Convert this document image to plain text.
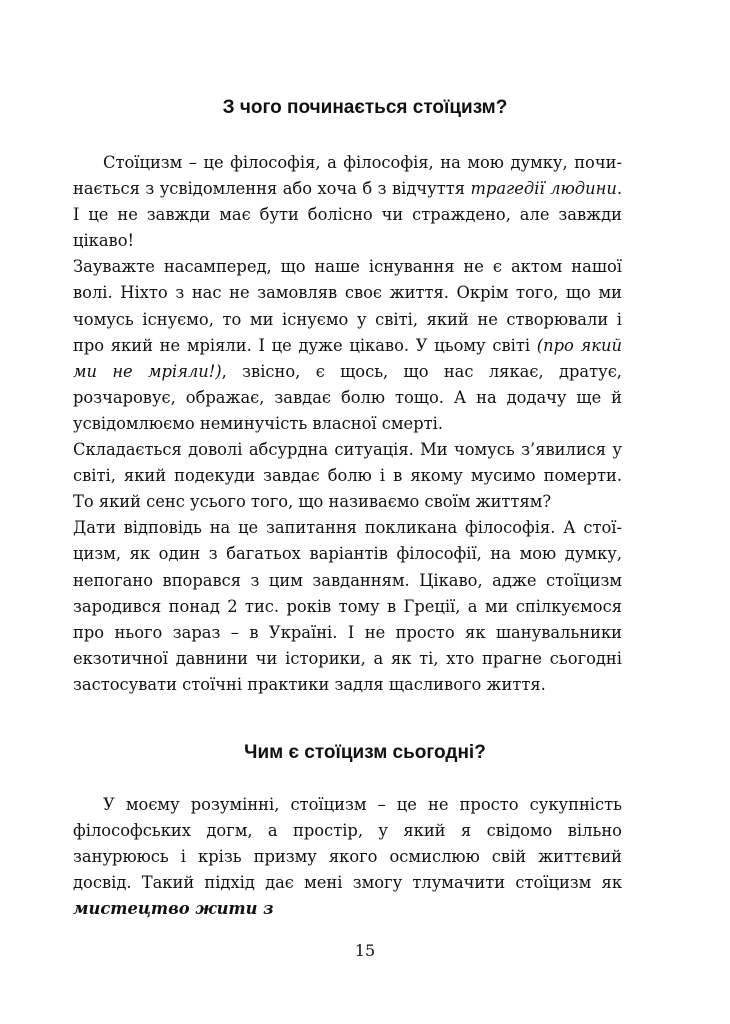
З чого починається стоїцизм?

Стоїцизм – це філософія, а філософія, на мою думку, починається з усвідомлення або хоча б з відчуття трагедії людини. І це не завжди має бути болісно чи страждено, але завжди цікаво!

Зауважте насамперед, що наше існування не є актом нашої волі. Ніхто з нас не замовляв своє життя. Окрім того, що ми чомусь існуємо, то ми існуємо у світі, який не створювали і про який не мріяли. І це дуже цікаво. У цьому світі (про який ми не мріяли!), звісно, є щось, що нас лякає, дратує, розчаровує, ображає, завдає болю тощо. А на додачу ще й усвідомлюємо неминучість власної смерті.

Складається доволі абсурдна ситуація. Ми чомусь з’явилися у світі, який подекуди завдає болю і в якому мусимо померти. То який сенс усього того, що називаємо своїм життям?

Дати відповідь на це запитання покликана філософія. А стоїцизм, як один з багатьох варіантів філософії, на мою думку, непогано впорався з цим завданням. Цікаво, адже стоїцизм зародився понад 2 тис. років тому в Греції, а ми спілкуємося про нього зараз – в Україні. І не просто як шанувальники екзотичної давнини чи історики, а як ті, хто прагне сьогодні застосувати стоїчні практики задля щасливого життя.

Чим є стоїцизм сьогодні?

У моєму розумінні, стоїцизм – це не просто сукупність філософських догм, а простір, у який я свідомо вільно занурююсь і крізь призму якого осмислюю свій життєвий досвід. Такий підхід дає мені змогу тлумачити стоїцизм як мистецтво жити з

15
